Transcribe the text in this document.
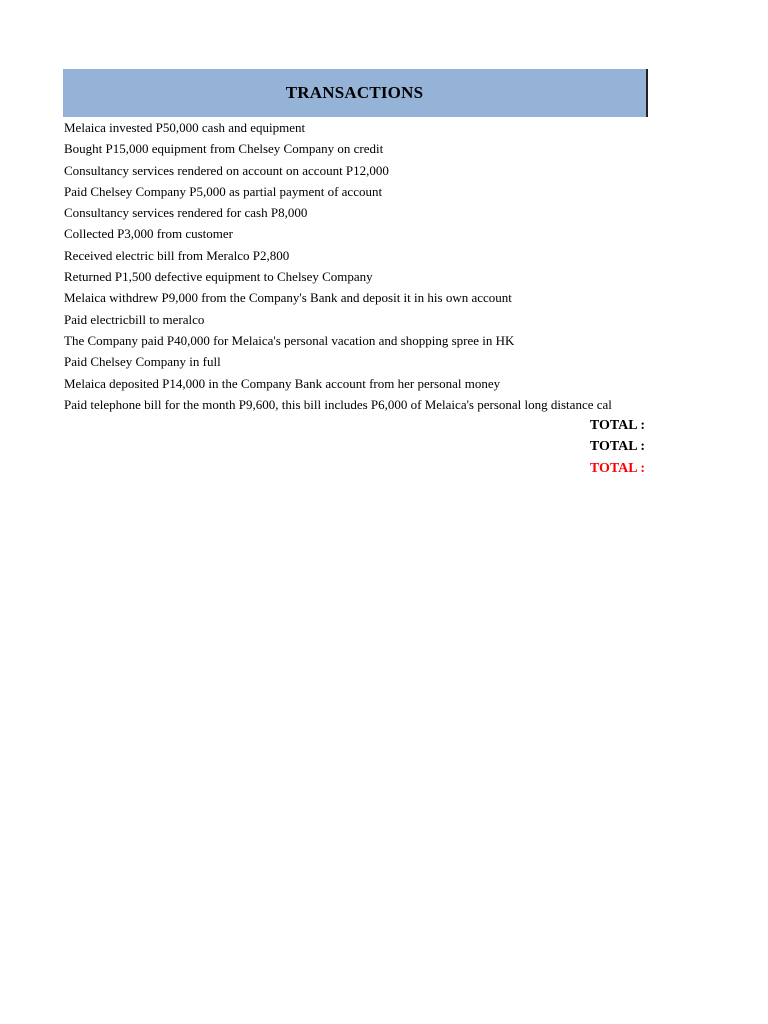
TRANSACTIONS
Melaica invested P50,000 cash and equipment
Bought P15,000 equipment from Chelsey Company on credit
Consultancy services rendered on account on account P12,000
Paid Chelsey Company P5,000 as partial payment of account
Consultancy services rendered for cash P8,000
Collected P3,000 from customer
Received electric bill from Meralco P2,800
Returned P1,500 defective equipment to Chelsey Company
Melaica withdrew P9,000 from the Company's Bank and deposit it in his own account
Paid electricbill to meralco
The Company paid P40,000 for Melaica's personal vacation and shopping spree in HK
Paid Chelsey Company in full
Melaica deposited P14,000 in the Company Bank account from her personal money
Paid telephone bill for the month P9,600, this bill includes P6,000 of Melaica's personal long distance cal
TOTAL :
TOTAL :
TOTAL :
